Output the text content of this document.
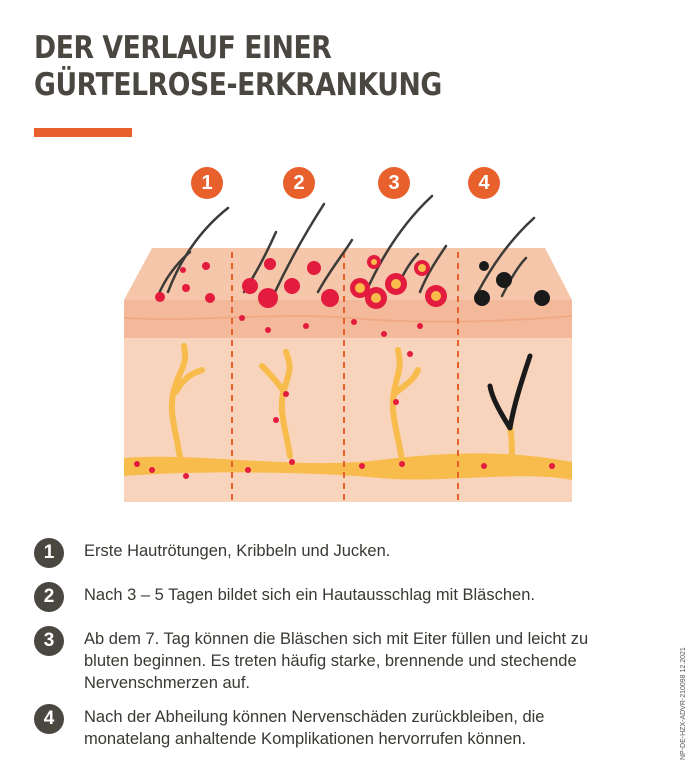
DER VERLAUF EINER
GÜRTELROSE-ERKRANKUNG
1	2	3	4
1	Erste Hautrötungen, Kribbeln und Jucken.
2	Nach 3 – 5 Tagen bildet sich ein Hautausschlag mit Bläschen.
3	Ab dem 7. Tag können die Bläschen sich mit Eiter füllen und leicht zu bluten beginnen. Es treten häufig starke, brennende und stechende Nervenschmerzen auf.
4	Nach der Abheilung können Nervenschäden zurückbleiben, die monatelang anhaltende Komplikationen hervorrufen können.	NP-DE-HZX-ADVR-210098 12.2021
